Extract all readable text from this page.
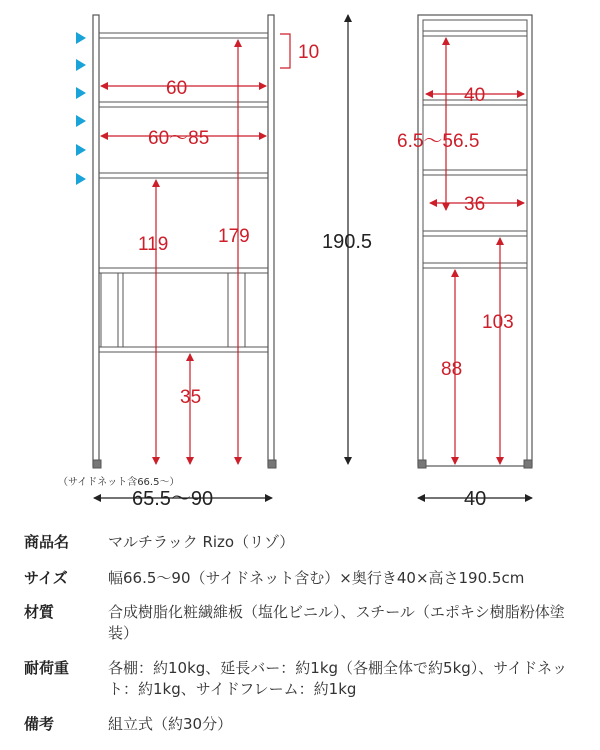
10
60
60～85
119	179
35
190.5
（サイドネット含66.5～）
65.5～90
40
6.5～56.5
36
103
88
40
商品名	マルチラック Rizo（リゾ）
サイズ	幅66.5～90（サイドネット含む）×奥行き40×高さ190.5cm
材質	合成樹脂化粧繊維板（塩化ビニル）、スチール（エポキシ樹脂粉体塗装）
耐荷重	各棚：約10kg、延長バー：約1kg（各棚全体で約5kg）、サイドネット：約1kg、サイドフレーム：約1kg
備考	組立式（約30分）
